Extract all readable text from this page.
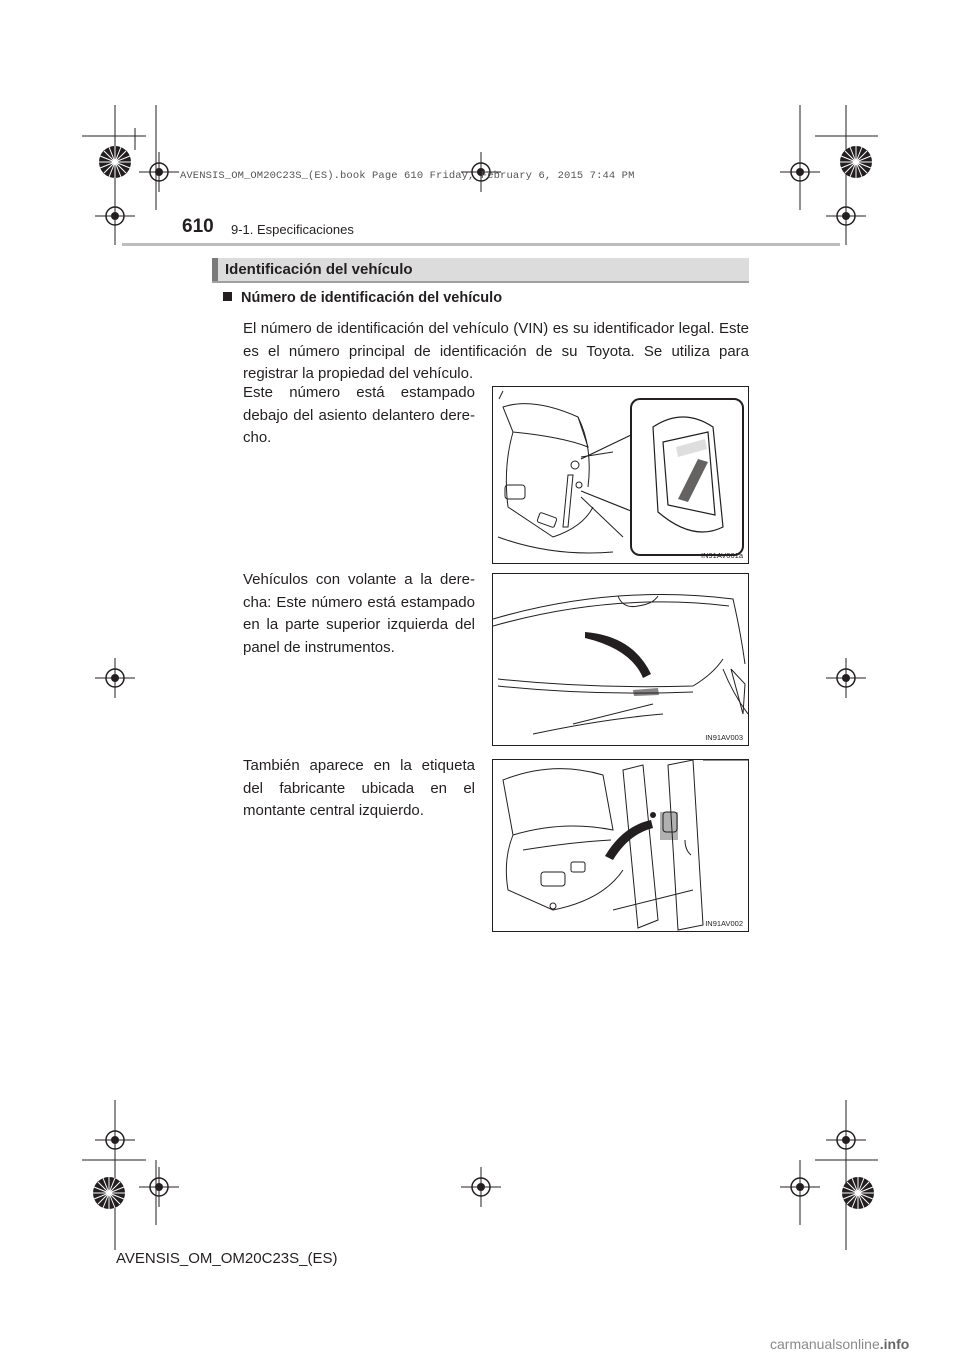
AVENSIS_OM_OM20C23S_(ES).book Page 610 Friday, February 6, 2015 7:44 PM
610 9-1. Especificaciones
Identificación del vehículo
Número de identificación del vehículo
El número de identificación del vehículo (VIN) es su identificador legal. Este es el número principal de identificación de su Toyota. Se utiliza para registrar la propiedad del vehículo.
Este número está estampado debajo del asiento delantero dere-cho.
Vehículos con volante a la dere-cha: Este número está estampado en la parte superior izquierda del panel de instrumentos.
También aparece en la etiqueta del fabricante ubicada en el montante central izquierdo.
IN91AV001a
IN91AV003
IN91AV002
AVENSIS_OM_OM20C23S_(ES)
carmanualsonline.info
